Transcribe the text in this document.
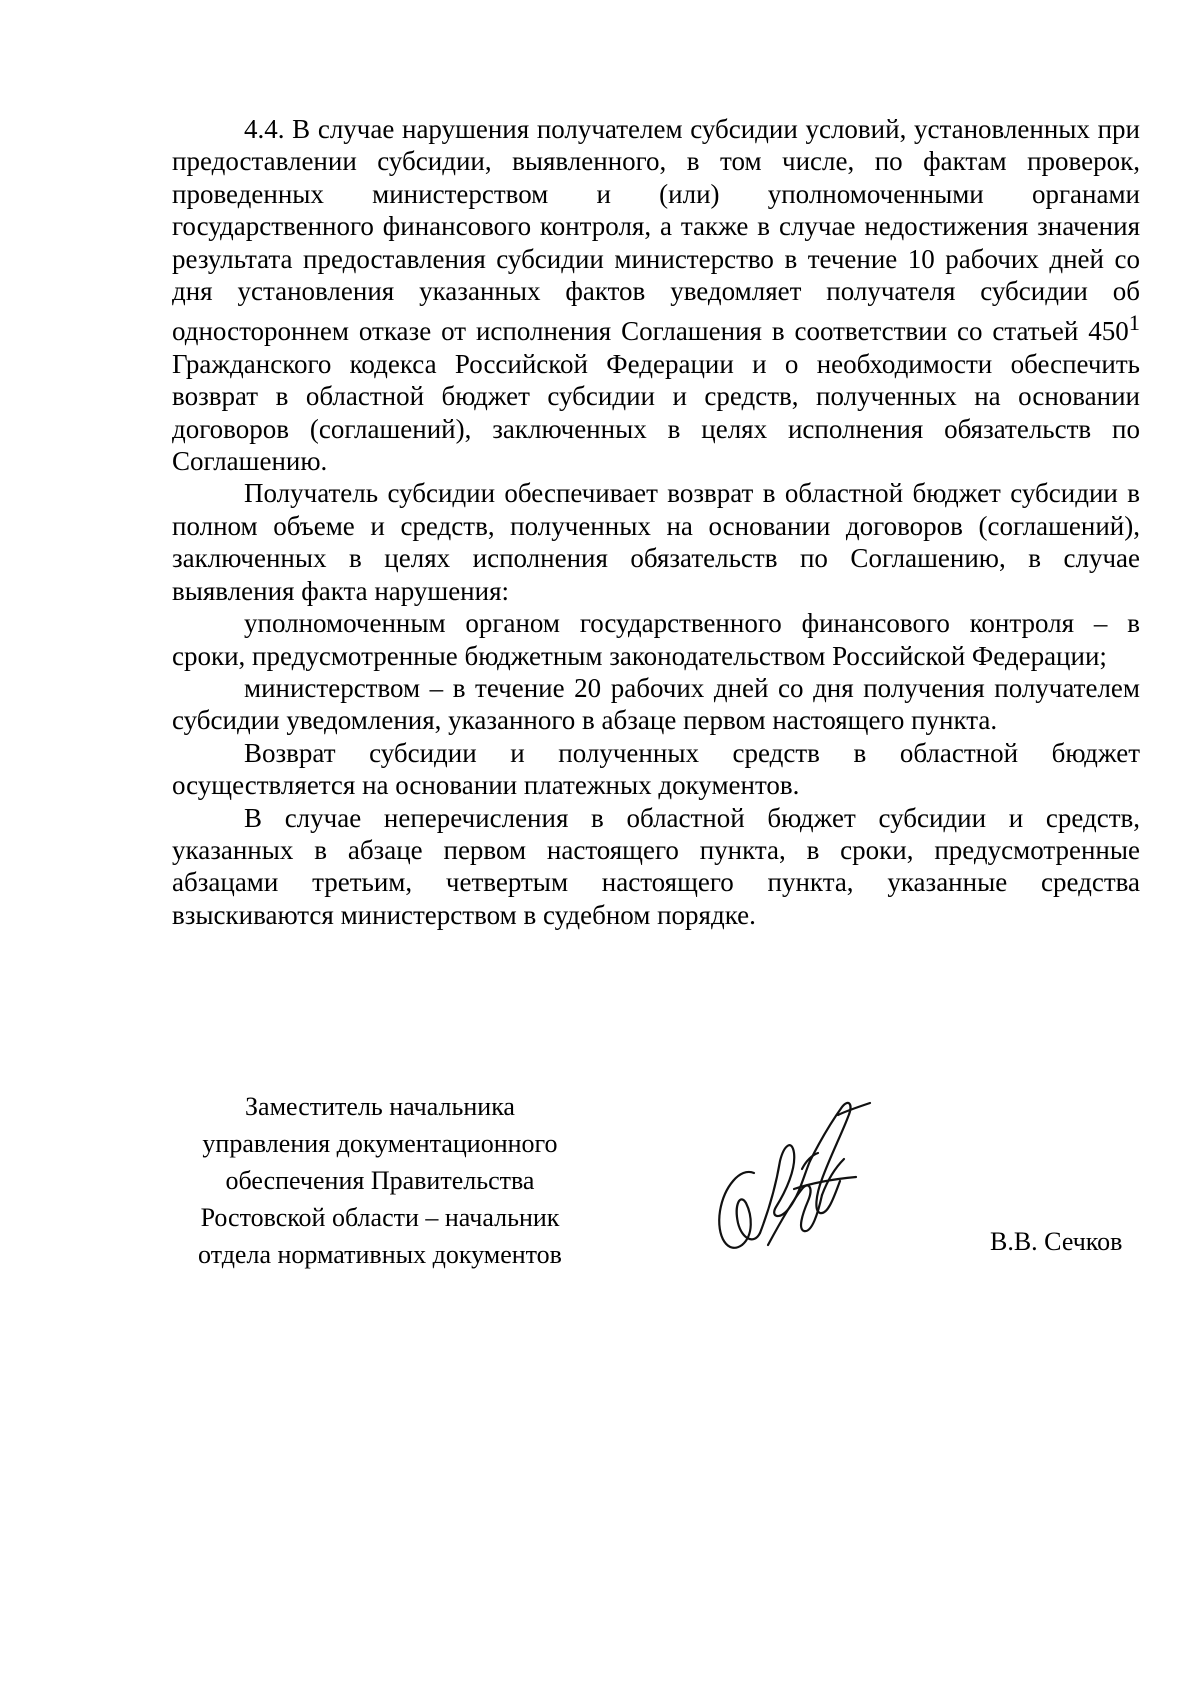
4.4. В случае нарушения получателем субсидии условий, установленных при предоставлении субсидии, выявленного, в том числе, по фактам проверок, проведенных министерством и (или) уполномоченными органами государственного финансового контроля, а также в случае недостижения значения результата предоставления субсидии министерство в течение 10 рабочих дней со дня установления указанных фактов уведомляет получателя субсидии об одностороннем отказе от исполнения Соглашения в соответствии со статьей $450^1$ Гражданского кодекса Российской Федерации и о необходимости обеспечить возврат в областной бюджет субсидии и средств, полученных на основании договоров (соглашений), заключенных в целях исполнения обязательств по Соглашению.

Получатель субсидии обеспечивает возврат в областной бюджет субсидии в полном объеме и средств, полученных на основании договоров (соглашений), заключенных в целях исполнения обязательств по Соглашению, в случае выявления факта нарушения:

уполномоченным органом государственного финансового контроля – в сроки, предусмотренные бюджетным законодательством Российской Федерации;

министерством – в течение 20 рабочих дней со дня получения получателем субсидии уведомления, указанного в абзаце первом настоящего пункта.

Возврат субсидии и полученных средств в областной бюджет осуществляется на основании платежных документов.

В случае неперечисления в областной бюджет субсидии и средств, указанных в абзаце первом настоящего пункта, в сроки, предусмотренные абзацами третьим, четвертым настоящего пункта, указанные средства взыскиваются министерством в судебном порядке.

Заместитель начальника
управления документационного
обеспечения Правительства
Ростовской области – начальник
отдела нормативных документов	В.В. Сечков
